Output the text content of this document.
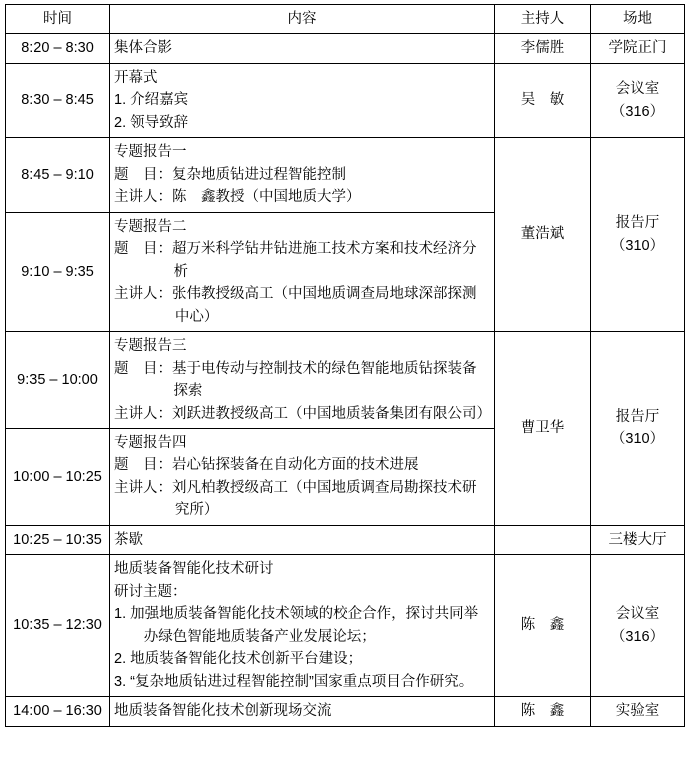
时间	内容	主持人	场地
8:20 – 8:30	集体合影	李儒胜	学院正门
8:30 – 8:45	开幕式
1. 介绍嘉宾
2. 领导致辞	吴　敏	会议室
（316）

8:45 – 9:10	专题报告一
题　目：复杂地质钻进过程智能控制
主讲人：陈　鑫教授（中国地质大学）	董浩斌	报告厅
（310）

9:10 – 9:35	专题报告二
题　目：超万米科学钻井钻进施工技术方案和技术经济分析
主讲人：张伟教授级高工（中国地质调查局地球深部探测中心）		

9:35 – 10:00	专题报告三
题　目：基于电传动与控制技术的绿色智能地质钻探装备探索
主讲人：刘跃进教授级高工（中国地质装备集团有限公司）	曹卫华	报告厅
（310）

10:00 – 10:25	专题报告四
题　目：岩心钻探装备在自动化方面的技术进展
主讲人：刘凡柏教授级高工（中国地质调查局勘探技术研究所）		

10:25 – 10:35	茶歇		三楼大厅
10:35 – 12:30	地质装备智能化技术研讨
研讨主题：
1. 加强地质装备智能化技术领域的校企合作，探讨共同举办绿色智能地质装备产业发展论坛；
2. 地质装备智能化技术创新平台建设；
3. “复杂地质钻进过程智能控制”国家重点项目合作研究。	陈　鑫	会议室
（316）

14:00 – 16:30	地质装备智能化技术创新现场交流	陈　鑫	实验室
